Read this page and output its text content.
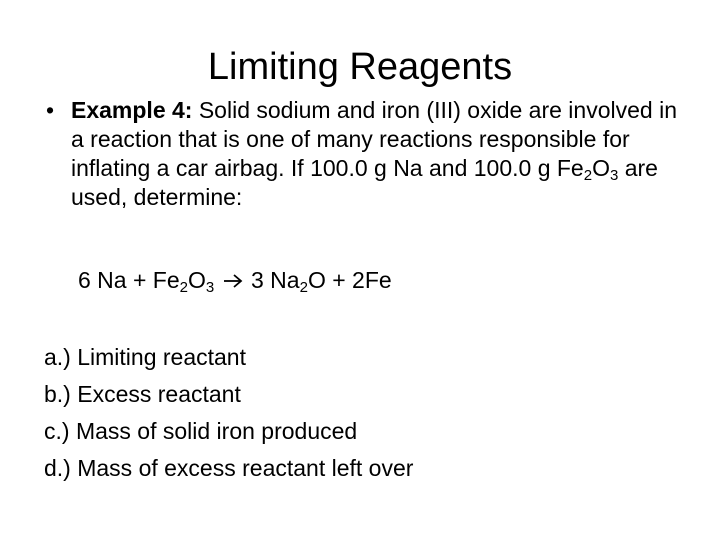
Limiting Reagents
• Example 4: Solid sodium and iron (III) oxide are involved in a reaction that is one of many reactions responsible for inflating a car airbag. If 100.0 g Na and 100.0 g $Fe_2O_3$ are used, determine:
6 $Na + Fe_2O_3$ 3 $Na_2O + 2Fe$
a.) Limiting reactant
b.) Excess reactant
c.) Mass of solid iron produced
d.) Mass of excess reactant left over
